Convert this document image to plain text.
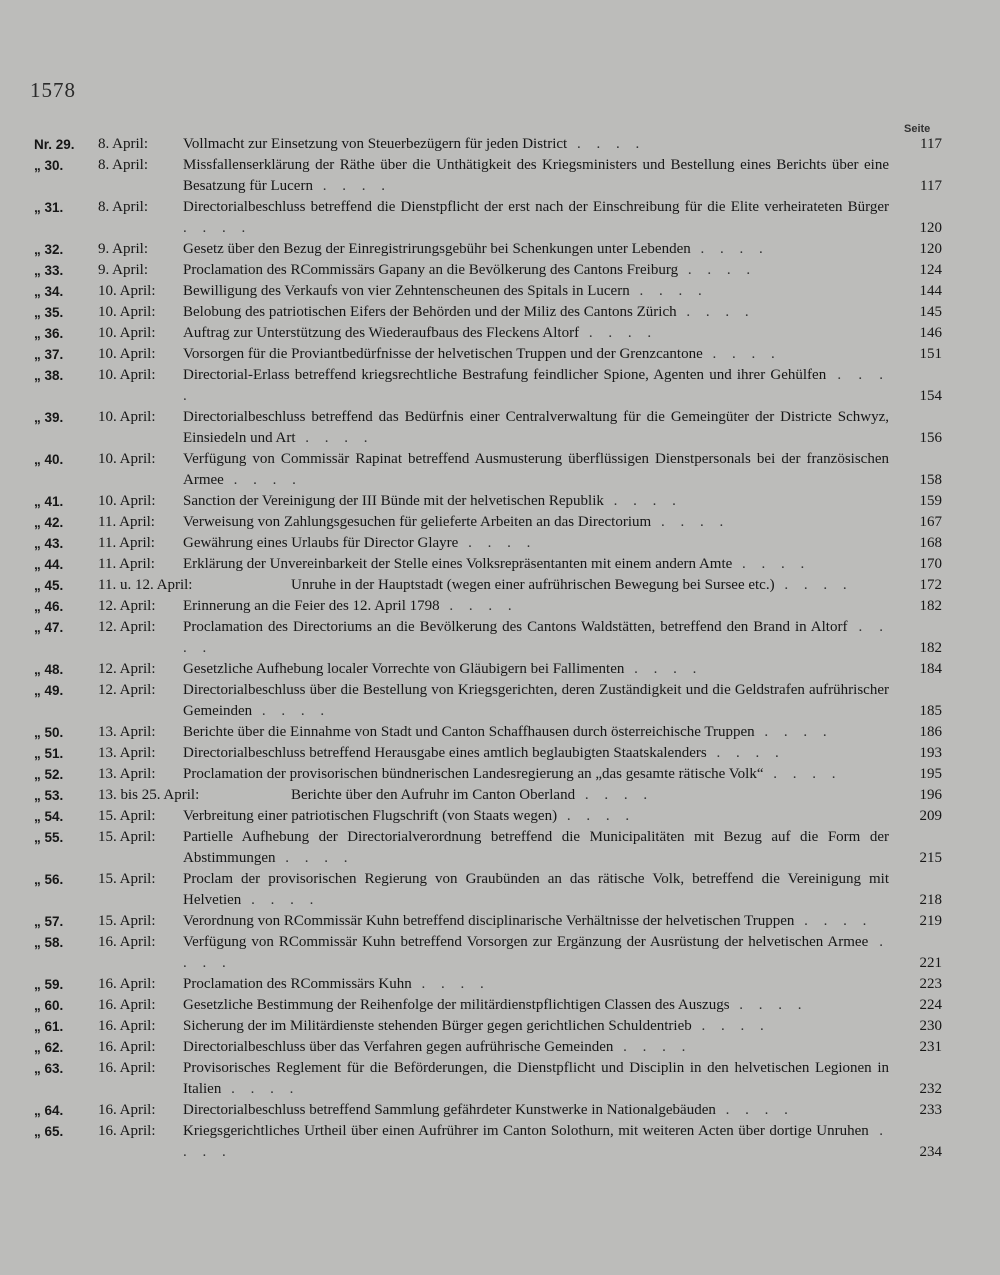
1578
Seite
Nr. 29.	8. April:	Vollmacht zur Einsetzung von Steuerbezügern für jeden District . . . .	117
„ 30.	8. April:	Missfallenserklärung der Räthe über die Unthätigkeit des Kriegsministers und Bestellung eines Berichts über eine Besatzung für Lucern . . . .	117
„ 31.	8. April:	Directorialbeschluss betreffend die Dienstpflicht der erst nach der Einschreibung für die Elite verheirateten Bürger . . . .	120
„ 32.	9. April:	Gesetz über den Bezug der Einregistrirungsgebühr bei Schenkungen unter Lebenden . . . .	120
„ 33.	9. April:	Proclamation des RCommissärs Gapany an die Bevölkerung des Cantons Freiburg . . . .	124
„ 34.	10. April:	Bewilligung des Verkaufs von vier Zehntenscheunen des Spitals in Lucern . . . .	144
„ 35.	10. April:	Belobung des patriotischen Eifers der Behörden und der Miliz des Cantons Zürich . . . .	145
„ 36.	10. April:	Auftrag zur Unterstützung des Wiederaufbaus des Fleckens Altorf . . . .	146
„ 37.	10. April:	Vorsorgen für die Proviantbedürfnisse der helvetischen Truppen und der Grenzcantone . . . .	151
„ 38.	10. April:	Directorial-Erlass betreffend kriegsrechtliche Bestrafung feindlicher Spione, Agenten und ihrer Gehülfen . . . .	154
„ 39.	10. April:	Directorialbeschluss betreffend das Bedürfnis einer Centralverwaltung für die Gemeingüter der Districte Schwyz, Einsiedeln und Art . . . .	156
„ 40.	10. April:	Verfügung von Commissär Rapinat betreffend Ausmusterung überflüssigen Dienstpersonals bei der französischen Armee . . . .	158
„ 41.	10. April:	Sanction der Vereinigung der III Bünde mit der helvetischen Republik . . . .	159
„ 42.	11. April:	Verweisung von Zahlungsgesuchen für gelieferte Arbeiten an das Directorium . . . .	167
„ 43.	11. April:	Gewährung eines Urlaubs für Director Glayre . . . .	168
„ 44.	11. April:	Erklärung der Unvereinbarkeit der Stelle eines Volksrepräsentanten mit einem andern Amte . . . .	170
„ 45.	11. u. 12. April:	Unruhe in der Hauptstadt (wegen einer aufrührischen Bewegung bei Sursee etc.) . . . .	172
„ 46.	12. April:	Erinnerung an die Feier des 12. April 1798 . . . .	182
„ 47.	12. April:	Proclamation des Directoriums an die Bevölkerung des Cantons Waldstätten, betreffend den Brand in Altorf . . . .	182
„ 48.	12. April:	Gesetzliche Aufhebung localer Vorrechte von Gläubigern bei Fallimenten . . . .	184
„ 49.	12. April:	Directorialbeschluss über die Bestellung von Kriegsgerichten, deren Zuständigkeit und die Geldstrafen aufrührischer Gemeinden . . . .	185
„ 50.	13. April:	Berichte über die Einnahme von Stadt und Canton Schaffhausen durch österreichische Truppen . . . .	186
„ 51.	13. April:	Directorialbeschluss betreffend Herausgabe eines amtlich beglaubigten Staatskalenders . . . .	193
„ 52.	13. April:	Proclamation der provisorischen bündnerischen Landesregierung an „das gesamte rätische Volk“ . . . .	195
„ 53.	13. bis 25. April:	Berichte über den Aufruhr im Canton Oberland . . . .	196
„ 54.	15. April:	Verbreitung einer patriotischen Flugschrift (von Staats wegen) . . . .	209
„ 55.	15. April:	Partielle Aufhebung der Directorialverordnung betreffend die Municipalitäten mit Bezug auf die Form der Abstimmungen . . . .	215
„ 56.	15. April:	Proclam der provisorischen Regierung von Graubünden an das rätische Volk, betreffend die Vereinigung mit Helvetien . . . .	218
„ 57.	15. April:	Verordnung von RCommissär Kuhn betreffend disciplinarische Verhältnisse der helvetischen Truppen . . . .	219
„ 58.	16. April:	Verfügung von RCommissär Kuhn betreffend Vorsorgen zur Ergänzung der Ausrüstung der helvetischen Armee . . . .	221
„ 59.	16. April:	Proclamation des RCommissärs Kuhn . . . .	223
„ 60.	16. April:	Gesetzliche Bestimmung der Reihenfolge der militärdienstpflichtigen Classen des Auszugs . . . .	224
„ 61.	16. April:	Sicherung der im Militärdienste stehenden Bürger gegen gerichtlichen Schuldentrieb . . . .	230
„ 62.	16. April:	Directorialbeschluss über das Verfahren gegen aufrührische Gemeinden . . . .	231
„ 63.	16. April:	Provisorisches Reglement für die Beförderungen, die Dienstpflicht und Disciplin in den helvetischen Legionen in Italien . . . .	232
„ 64.	16. April:	Directorialbeschluss betreffend Sammlung gefährdeter Kunstwerke in Nationalgebäuden . . . .	233
„ 65.	16. April:	Kriegsgerichtliches Urtheil über einen Aufrührer im Canton Solothurn, mit weiteren Acten über dortige Unruhen . . . .	234
